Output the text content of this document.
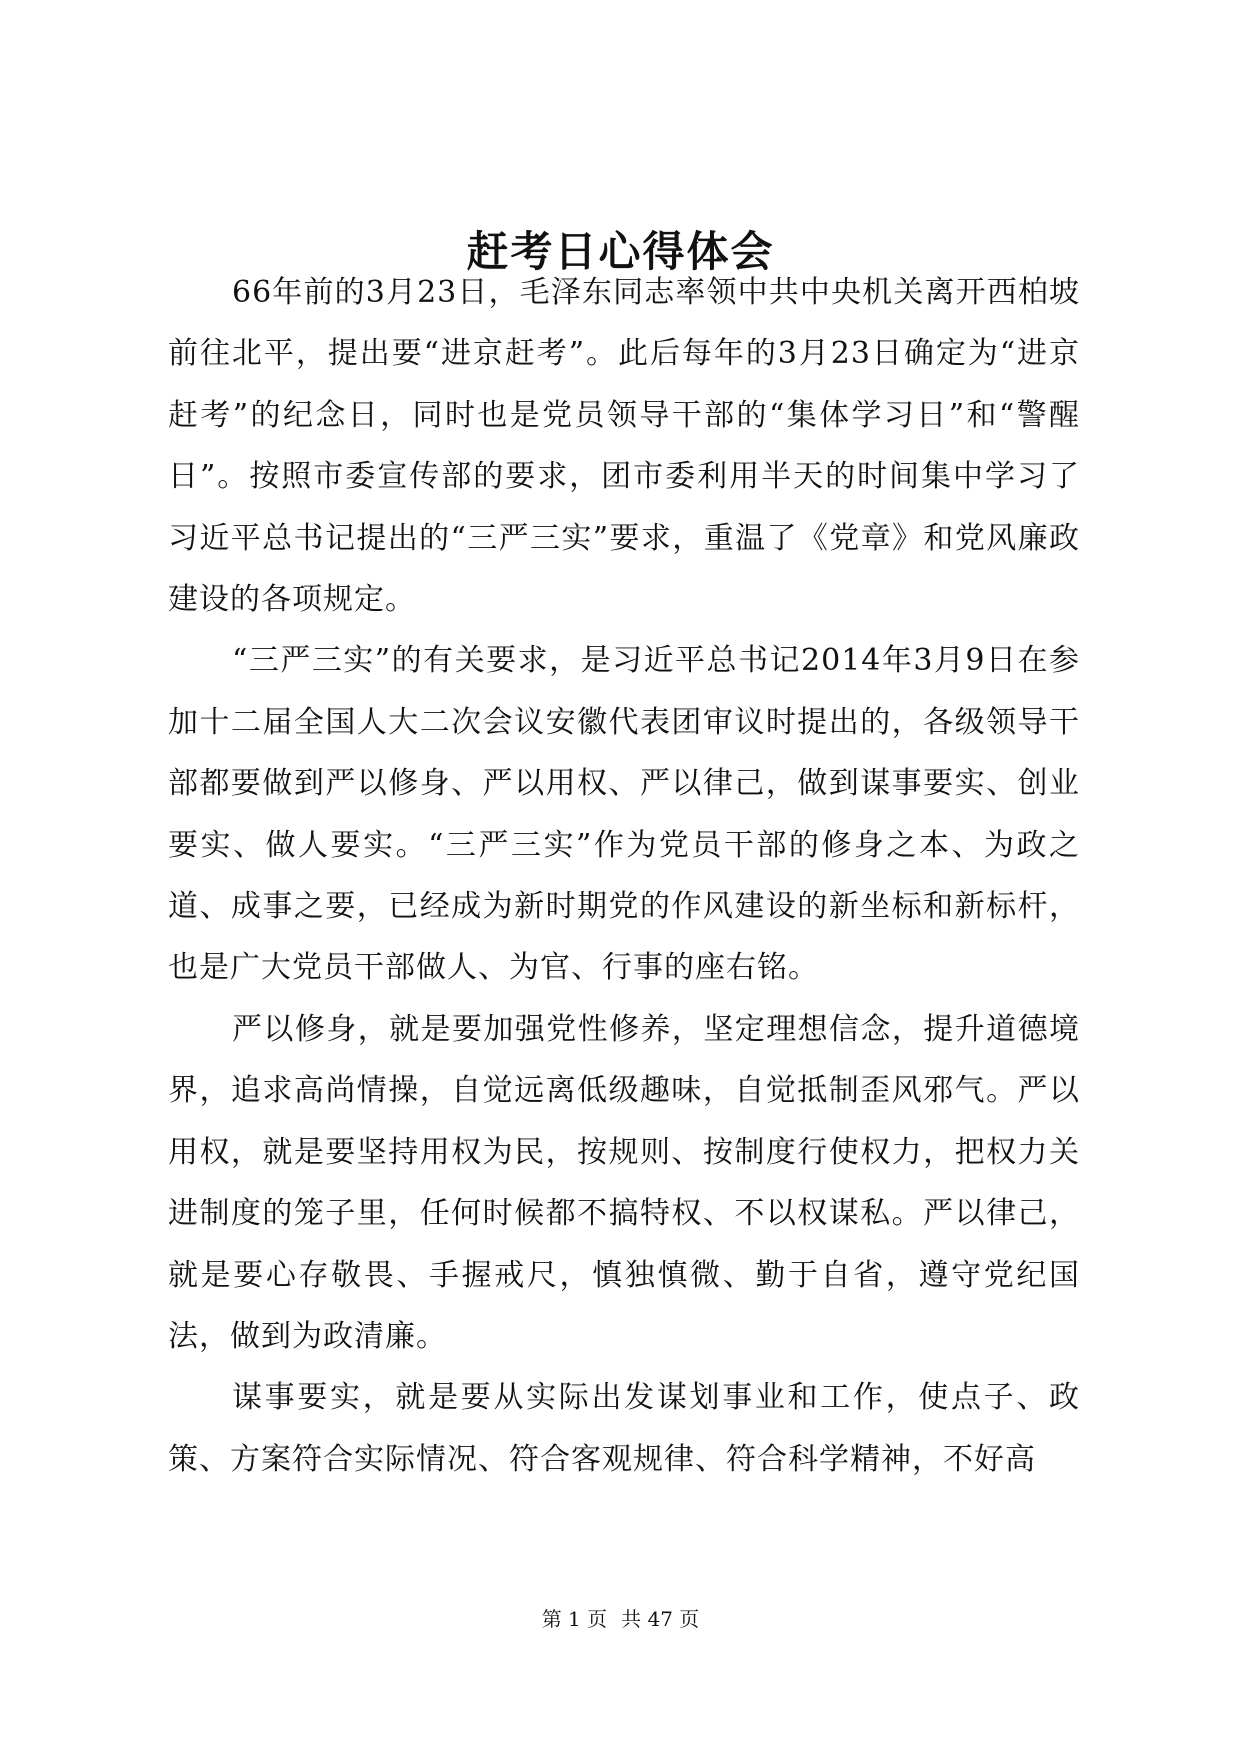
赶考日心得体会

66年前的3月23日，毛泽东同志率领中共中央机关离开西柏坡前往北平，提出要“进京赶考”。此后每年的3月23日确定为“进京赶考”的纪念日，同时也是党员领导干部的“集体学习日”和“警醒日”。按照市委宣传部的要求，团市委利用半天的时间集中学习了习近平总书记提出的“三严三实”要求，重温了《党章》和党风廉政建设的各项规定。

“三严三实”的有关要求，是习近平总书记2014年3月9日在参加十二届全国人大二次会议安徽代表团审议时提出的，各级领导干部都要做到严以修身、严以用权、严以律己，做到谋事要实、创业要实、做人要实。“三严三实”作为党员干部的修身之本、为政之道、成事之要，已经成为新时期党的作风建设的新坐标和新标杆，也是广大党员干部做人、为官、行事的座右铭。

严以修身，就是要加强党性修养，坚定理想信念，提升道德境界，追求高尚情操，自觉远离低级趣味，自觉抵制歪风邪气。严以用权，就是要坚持用权为民，按规则、按制度行使权力，把权力关进制度的笼子里，任何时候都不搞特权、不以权谋私。严以律己，就是要心存敬畏、手握戒尺，慎独慎微、勤于自省，遵守党纪国法，做到为政清廉。

谋事要实，就是要从实际出发谋划事业和工作，使点子、政策、方案符合实际情况、符合客观规律、符合科学精神，不好高

第 1 页 共 47 页
